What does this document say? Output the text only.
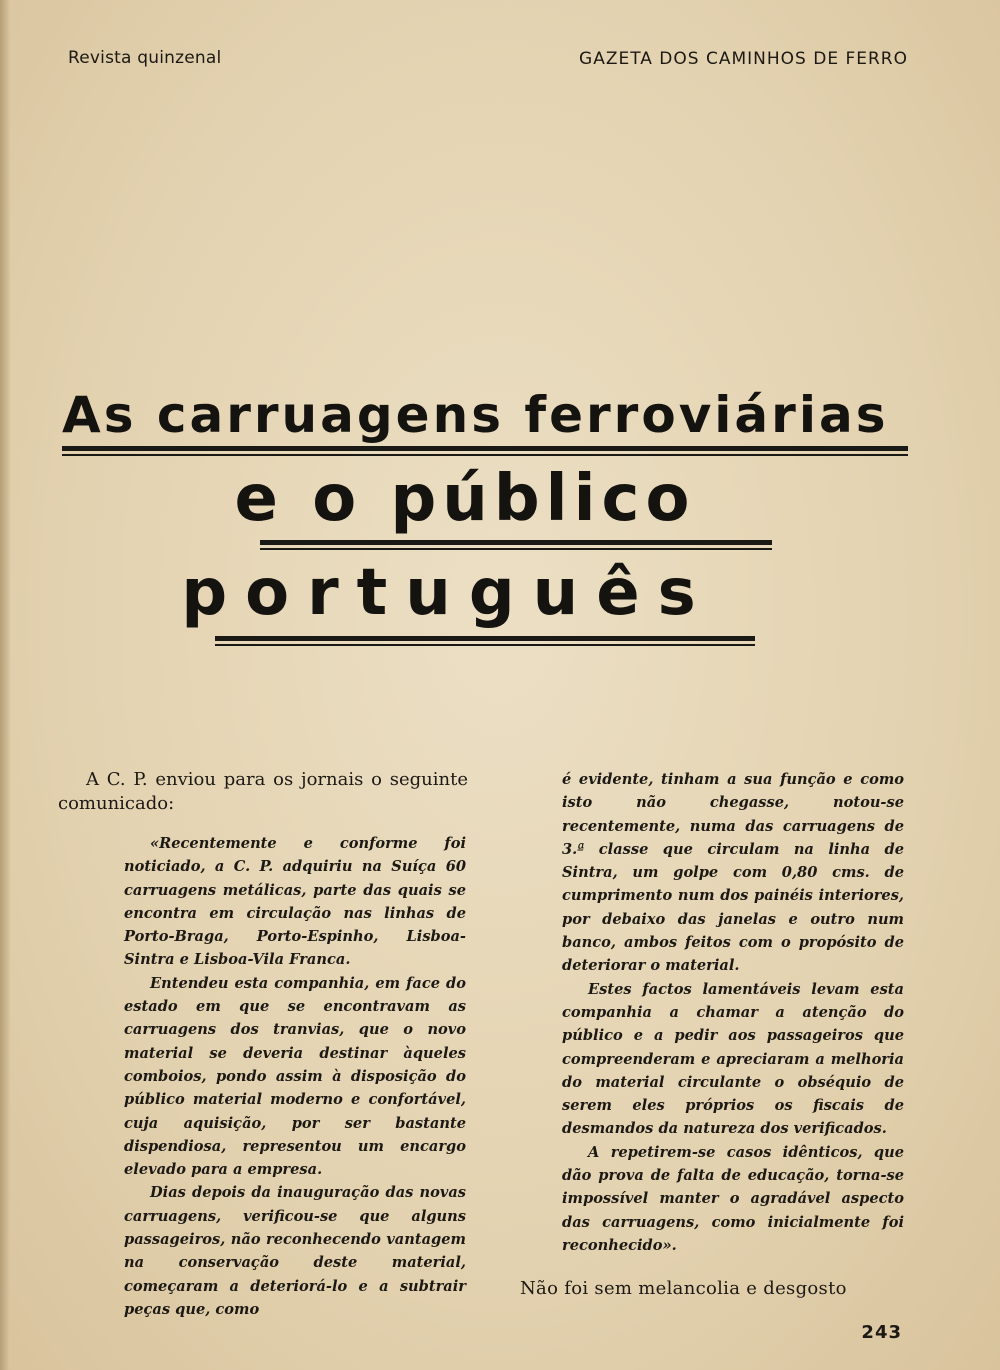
Revista quinzenal	GAZETA DOS CAMINHOS DE FERRO
As carruagens ferroviárias
e o público
português

A C. P. enviou para os jornais o seguinte comunicado:

«Recentemente e conforme foi noticiado, a C. P. adquiriu na Suíça 60 carruagens metálicas, parte das quais se encontra em circulação nas linhas de Porto-Braga, Porto-Espinho, Lisboa-Sintra e Lisboa-Vila Franca.

Entendeu esta companhia, em face do estado em que se encontravam as carruagens dos tranvias, que o novo material se deveria destinar àqueles comboios, pondo assim à disposição do público material moderno e confortável, cuja aquisição, por ser bastante dispendiosa, representou um encargo elevado para a empresa.

Dias depois da inauguração das novas carruagens, verificou-se que alguns passageiros, não reconhecendo vantagem na conservação deste material, começaram a deteriorá-lo e a subtrair peças que, como

é evidente, tinham a sua função e como isto não chegasse, notou-se recentemente, numa das carruagens de 3.ª classe que circulam na linha de Sintra, um golpe com 0,80 cms. de cumprimento num dos painéis interiores, por debaixo das janelas e outro num banco, ambos feitos com o propósito de deteriorar o material.

Estes factos lamentáveis levam esta companhia a chamar a atenção do público e a pedir aos passageiros que compreenderam e apreciaram a melhoria do material circulante o obséquio de serem eles próprios os fiscais de desmandos da natureza dos verificados.

A repetirem-se casos idênticos, que dão prova de falta de educação, torna-se impossível manter o agradável aspecto das carruagens, como inicialmente foi reconhecido».

Não foi sem melancolia e desgosto

243
